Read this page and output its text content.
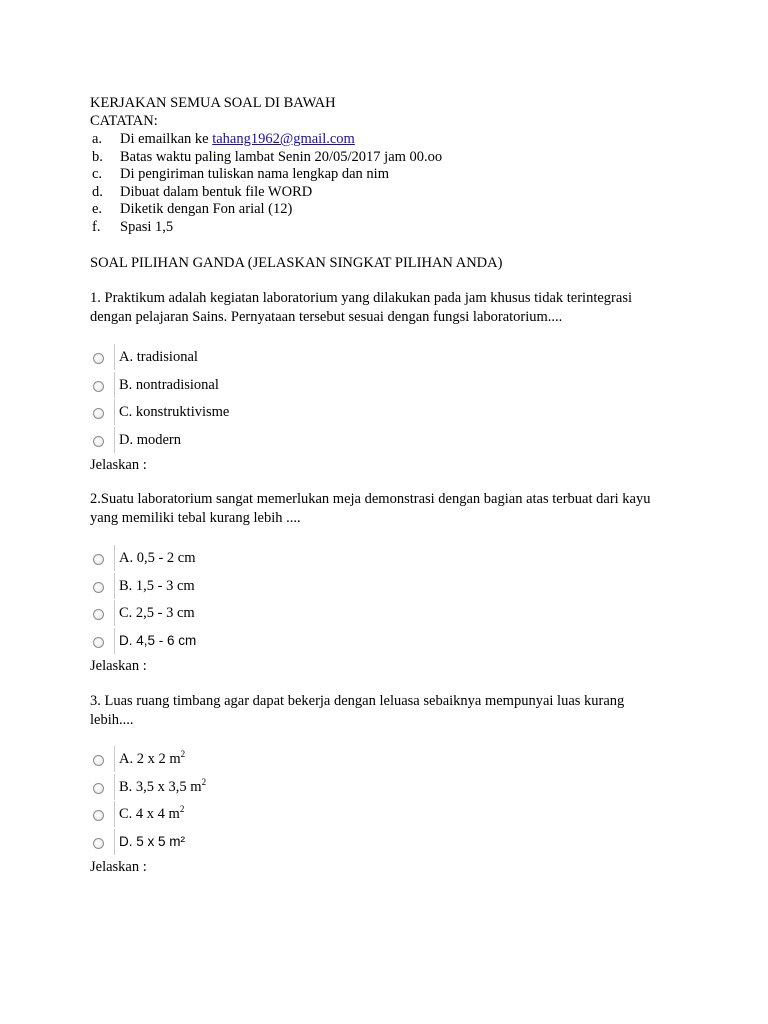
KERJAKAN SEMUA SOAL DI BAWAH
CATATAN:
a. Di emailkan ke tahang1962@gmail.com
b. Batas waktu paling lambat Senin 20/05/2017 jam 00.oo
c. Di pengiriman tuliskan nama lengkap dan nim
d. Dibuat dalam bentuk file WORD
e. Diketik dengan Fon arial (12)
f. Spasi 1,5
SOAL PILIHAN GANDA (JELASKAN SINGKAT PILIHAN ANDA)
1. Praktikum adalah kegiatan laboratorium yang dilakukan pada jam khusus tidak terintegrasi
dengan pelajaran Sains. Pernyataan tersebut sesuai dengan fungsi laboratorium....
A. tradisional
B. nontradisional
C. konstruktivisme
D. modern
Jelaskan :
2.Suatu laboratorium sangat memerlukan meja demonstrasi dengan bagian atas terbuat dari kayu
yang memiliki tebal kurang lebih ....
A. 0,5 - 2 cm
B. 1,5 - 3 cm
C. 2,5 - 3 cm
D. 4,5 - 6 cm
Jelaskan :
3. Luas ruang timbang agar dapat bekerja dengan leluasa sebaiknya mempunyai luas kurang
lebih....
A. 2 x 2 $m^2$
B. 3,5 x 3,5 $m^2$
C. 4 x 4 $m^2$
D. 5 x 5 m²
Jelaskan :
